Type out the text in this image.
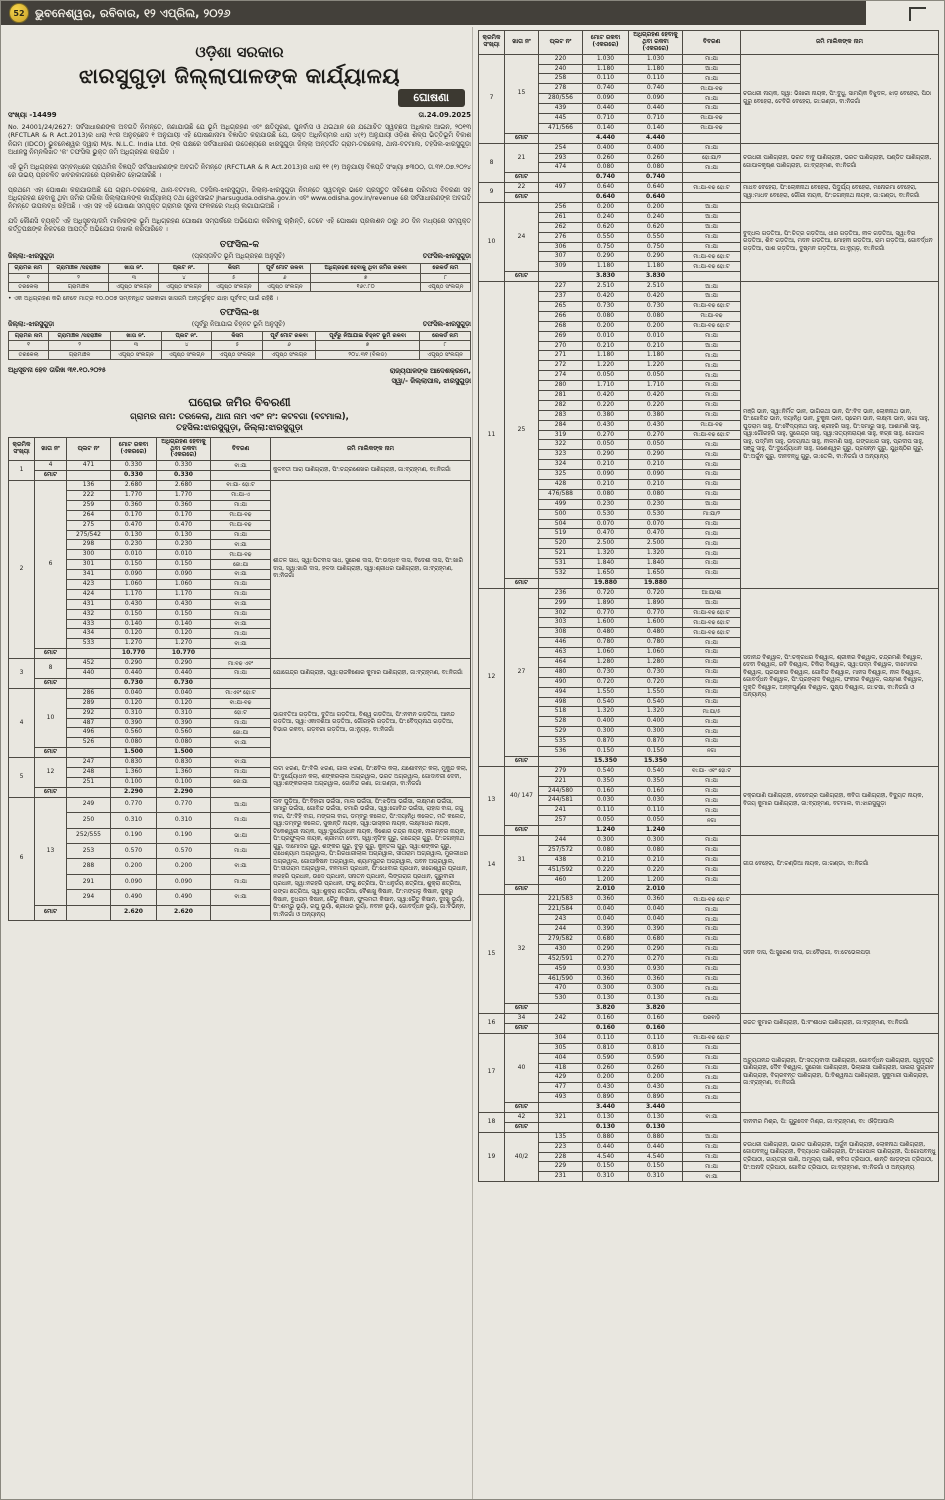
52 ଭୁବନେଶ୍ୱର, ରବିବାର, ୧୨ ଏପ୍ରିଲ, ୨୦୨୬
ଓଡ଼ିଶା ସରକାର
ଝାରସୁଗୁଡ଼ା ଜିଲ୍ଲାପାଳଙ୍କ କାର୍ଯ୍ୟାଳୟ
ଘୋଷଣା
ସଂଖ୍ୟା -14499	ତା.24.09.2025

No. 24001/24/2627: ସର୍ବସାଧାରଣଙ୍କ ଅବଗତି ନିମନ୍ତେ, ଜଣାଯାଉଛି ଯେ ଭୂମି ଅଧିଗ୍ରହଣ ଏବଂ କ୍ଷତିପୂରଣ, ପୁନର୍ବାସ ଓ ଥଇଥାନ ରେ ଯଥୋଚିତ ସ୍ୱଚ୍ଛତା ଅଧିକାର ଆଇନ, ୨୦୧୩ (RFCTLAR & R Act.2013)ର ଧାରା ୧୯ର ଅନୁଚ୍ଛେଦ ୧ ଅନୁଯାୟୀ ଏହି ଘୋଷଣାନାମା ବିଜ୍ଞାପିତ କରାଯାଉଛି ଯେ, ଉକ୍ତ ଅଧିନିୟମର ଧାରା ୪(୧) ଅନୁଯାୟୀ ଓଡ଼ିଶା ଶିଳ୍ପ ଭିତ୍ତିଭୂମି ବିକାଶ ନିଗମ (IDCO) ଭୁବନେଶ୍ୱର ଦ୍ୱାରା M/s. N.L.C. India Ltd. ଙ୍କ ପକ୍ଷରେ ସର୍ବସାଧାରଣ ଉଦ୍ଦେଶ୍ୟରେ ଝାରସୁଗୁଡ଼ା ଜିଲ୍ଲା ଅନ୍ତର୍ଗତ ଗ୍ରାମ-ତରକେଲା, ଥାନା-ବଟମାଲ, ତହସିଲ-ଝାରସୁଗୁଡ଼ା ଅଧୀନସ୍ଥ ନିମ୍ନଲିଖିତ 'କ' ତଫସିଲ ଭୁକ୍ତ ଜମି ଅଧିଗ୍ରହଣ କରାଯିବ ।

ଏହି ଭୂମି ଅଧିଗ୍ରହଣ ସମ୍ବନ୍ଧରେ ପ୍ରାଥମିକ ବିଜ୍ଞପ୍ତି ସର୍ବସାଧାରଣଙ୍କ ଅବଗତି ନିମନ୍ତେ (RFCTLAR & R Act.2013)ର ଧାରା ୧୧ (୧) ଅନୁଯାୟୀ ବିଜ୍ଞପ୍ତି ସଂଖ୍ୟା ୭୩୦୦, ତା.୩୧.୦୭.୨୦୨୪ ରେ ଉଭୟ ପ୍ରଚଳିତ ଖବରକାଗଜରେ ପ୍ରକାଶିତ ହୋଇସାରିଛି ।

ପ୍ରଥମେ ଏହା ଘୋଷଣା କରାଯାଉଅଛି ଯେ ଗ୍ରାମ-ତରକେଲା, ଥାନା-ବଟମାଲ, ତହସିଲ-ଝାରସୁଗୁଡ଼ା, ଜିଲ୍ଲା-ଝାରସୁଗୁଡ଼ା ନିମନ୍ତେ ସ୍ୱତନ୍ତ୍ର ଭାବେ ପ୍ରସ୍ତୁତ ସବିଶେଷ ପରିମାପ ବିବରଣୀ ସହ ଅଧିଗ୍ରହଣ ହେବାକୁ ଥିବା ଜମିର ତାଲିକା ଜିଲ୍ଲାପାଳଙ୍କ କାର୍ଯ୍ୟାଳୟ ତଥା ୱେବସାଇଟ jharsuguda.odisha.gov.in ଏବଂ www.odisha.gov.in/revenue ରେ ସର୍ବସାଧାରଣଙ୍କ ଅବଗତି ନିମନ୍ତେ ଉପଲବ୍ଧ ରହିଅଛି । ଏହା ସହ ଏହି ଘୋଷଣା ସମ୍ପୃକ୍ତ ଗ୍ରାମର ସୂଚନା ଫଳକରେ ମଧ୍ୟ ଲଗାଯାଇଅଛି ।

ଯଦି କୌଣସି ବ୍ୟକ୍ତି ଏହି ଅଧିସୂଚନା/ଜମି ମାଲିକଙ୍କ ଭୂମି ଅଧିଗ୍ରହଣ ଘୋଷଣା ସମ୍ପର୍କରେ ଅଭିଯୋଗ କରିବାକୁ ଚାହାଁନ୍ତି, ତେବେ ଏହି ଘୋଷଣା ପ୍ରକାଶନ ଠାରୁ ୬୦ ଦିନ ମଧ୍ୟରେ ସମ୍ପୃକ୍ତ କର୍ତ୍ତୃପକ୍ଷଙ୍କ ନିକଟରେ ଆପତ୍ତି ଅଭିଯୋଗ ଦାଖଲ କରିପାରିବେ ।

ତଫସିଲ-କ
ଜିଲ୍ଲା:-ଝାରସୁଗୁଡ଼ା	(ପ୍ରସ୍ତାବିତ ଭୂମି ଅଧିଗ୍ରହଣ ଅନୁସୂଚି)	ତଫସିଲ-ଝାରସୁଗୁଡ଼ା
ଗ୍ରାମର ନାମ	ଗ୍ରାମାଞ୍ଚଳ /ସହରାଞ୍ଚଳ	ଖାତା ନଂ.	ପ୍ଲଟ ନଂ.	କିସମ	ପୂର୍ବ ମୋଟ ରକବା	ଅଧିଗ୍ରହଣ ହେବାକୁ ଥିବା ଜମିର ରକବା	ରେକର୍ଡ ନାମ
୧	୨	୩	୪	୫	୬	୭	୮
ତରକେଲା	ଗ୍ରାମାଞ୍ଚଳ	ଏପୃଷ୍ଠ ସଂଲଗ୍ନ	ଏପୃଷ୍ଠ ସଂଲଗ୍ନ	ଏପୃଷ୍ଠ ସଂଲଗ୍ନ	ଏପୃଷ୍ଠ ସଂଲଗ୍ନ	୧୬୯.୮୦	ଏପୃଷ୍ଠ ସଂଲଗ୍ନ
• ଏକ ଅଧିଗ୍ରହଣ କରି ନେବେ ମାତ୍ର ୧୦.୦୦୭ ସମ୍ବନ୍ଧିତ ସରକାରୀ ଖାସଜମି ଅନ୍ତର୍ଭୁକ୍ତ ଯାହା ପୂର୍ବବତ୍ ପାଇଁ ରହିଛି ।
ତଫସିଲ-ଖ
ଜିଲ୍ଲା:-ଝାରସୁଗୁଡ଼ା	(ପୂର୍ବରୁ ନିଆଯାଇ ଚିହ୍ନଟ ଭୂମି ଅନୁସୂଚି)	ତଫସିଲ-ଝାରସୁଗୁଡ଼ା
ଗ୍ରାମର ନାମ	ଗ୍ରାମାଞ୍ଚଳ /ସହରାଞ୍ଚଳ	ଖାତା ନଂ.	ପ୍ଲଟ ନଂ.	କିସମ	ପୂର୍ବ ମୋଟ ରକବା	ପୂର୍ବରୁ ନିଆଯାଇ ଚିହ୍ନଟ ଭୂମି ରକବା	ରେକର୍ଡ ନାମ
୧	୨	୩	୪	୫	୬	୭	୮
ତରକେଲା	ଗ୍ରାମାଞ୍ଚଳ	ଏପୃଷ୍ଠ ସଂଲଗ୍ନ	ଏପୃଷ୍ଠ ସଂଲଗ୍ନ	ଏପୃଷ୍ଠ ସଂଲଗ୍ନ	ଏପୃଷ୍ଠ ସଂଲଗ୍ନ	୨୦୪.୩୧ (ବିଲଡ)	ଏପୃଷ୍ଠ ସଂଲଗ୍ନ
ଅଧିସୂଚନା ହେବ ତାରିଖ ୩୧.୧୦.୨୦୨୫	ରାଜ୍ୟପାଳଙ୍କ ଆଦେଶକ୍ରମେ,
ସ୍ୱା/- ଜିଲ୍ଲାପାଳ, ଝାରସୁଗୁଡ଼ା
ଘରୋଇ ଜମିର ବିବରଣୀ
ଗ୍ରାମର ନାମ: ତରକେଲା, ଥାନା ନାମ ଏବଂ ନଂ: କଟବଗା (ବଟମାଲ),
ତହସିଲ:ଝାରସୁଗୁଡ଼ା, ଜିଲ୍ଲା:ଝାରସୁଗୁଡ଼ା
କ୍ରମିକ ସଂଖ୍ୟା	ଖାତା ନଂ	ପ୍ଲଟ ନଂ	ମୋଟ ରକବା (ଏକରରେ)	ଅଧିଗ୍ରହଣ ହେବାକୁ ଥିବା ରକବା (ଏକରରେ)	ବିବରଣ	ଜମି ମାଲିକଙ୍କ ନାମ
1	4	471	0.330	0.330	ବା:ଯା	କୁଳବତୀ ଆରା ପାଣିଗ୍ରାହୀ, ପିଂ:ଚନ୍ଦ୍ରଶେଖର ପାଣିଗ୍ରାହୀ, ଜା:ବ୍ରାହ୍ମଣ, ବା:ନିଜଗାଁ
	ମୋଟ		0.330	0.330		
2	6	136	2.680	2.680	ବା:ଯା- ହୋ:ଟ	ଶୀତଳ ସାଧ, ସ୍ୱା:ପିତବାସ ସାଧ, ସୁରେଶ ଦାସ, ପିଂ:ଉଦ୍ଧବ ଦାସ, ବିଦେଶୀ ଦାସ, ପିଂ:ଖାରି ଦାସ, ସ୍ୱା:ଖାରି ଦାସ, ହଳଦା ପାଣିଗ୍ରାହୀ, ସ୍ୱା:ଶ୍ରୀଧର ପାଣିଗ୍ରାହୀ, ଜା:ବ୍ରାହ୍ମଣ, ବା:ନିଜଗାଁ
		222	1.770	1.770	ମା:ଯା-ଏ	
		259	0.360	0.360	ମା:ଯା	
		264	0.170	0.170	ମା:ଯା-ବଢ	
		275	0.470	0.470	ମା:ଯା-ବଢ	
		275/542	0.130	0.130	ମା:ଯା	
		298	0.230	0.230	ବା:ଯା	
		300	0.010	0.010	ମା:ଯା-ବଢ	
		301	0.150	0.150	ଜୋ:ଯା	
		341	0.090	0.090	ବା:ଯା	
		423	1.060	1.060	ମା:ଯା	
		424	1.170	1.170	ମା:ଯା	
		431	0.430	0.430	ବା:ଯା	
		432	0.150	0.150	ମା:ଯା	
		433	0.140	0.140	ବା:ଯା	
		434	0.120	0.120	ମା:ଯା	
		533	1.270	1.270	ବା:ଯା	
	ମୋଟ		10.770	10.770		
3	8	452	0.290	0.290	ମା:ବଢ ଏବଂ	ଯୋଗେନ୍ଦ୍ର ପାଣିଗ୍ରାହୀ, ସ୍ୱା:ରାଜକିଶୋର କୁମାର ପାଣିଗ୍ରାହୀ, ଜା:ବ୍ରାହ୍ମଣ, ବା:ନିଜଗାଁ
		440	0.440	0.440	ମା:ଯା	
	ମୋଟ		0.730	0.730		
4	10	286	0.040	0.040	ମା:ଏବଂ ହୋ:ଟ	ଭାଗବତିଆ ଗଡ଼ତିଆ, ଦୁତିଆ ଗଡ଼ତିଆ, ବିଶ୍ୱ ଗଡ଼ତିଆ, ପିଂ:ନବୀନ ଗଡ଼ତିଆ, ଆନନ୍ଦ ଗଡ଼ତିଆ, ସ୍ୱା:ଏକାଦଶିଆ ଗଡ଼ତିଆ, ଗୌରହରି ଗଡ଼ତିଆ, ପିଂ:ବୈଦ୍ୟନାଥ ଗଡ଼ତିଆ, ବିଭାର ରକବା, ଗଡ଼ବରୀ ଗଡ଼ତିଆ, ଜା:ନ୍ୟୁଢ଼, ବା:ନିଜଗାଁ
		289	0.120	0.120	ବା:ଯା-ବଢ	
		292	0.310	0.310	ହୋ:ଟ	
		487	0.390	0.390	ମା:ଯା	
		496	0.560	0.560	ଜୋ:ଯା	
		526	0.080	0.080	ବା:ଯା	
	ମୋଟ		1.500	1.500		
5	12	247	0.830	0.830	ବା:ଯା	ଲଟା ଝରଣ, ପିଂ:ବିଲି ଝରଣ, ଗାଲ ଝରଣ, ପିଂ:ଛବିଲ କଲା, ଯଶୋବନ୍ତ କଲା, ମୁକୁନ୍ଦ କଲା, ପିଂ:ଦୁର୍ଯ୍ୟୋଧନ କଲା, ଶଙ୍କରଲାଲ ଅଗ୍ରୱାଲ, ଭରତ ଅଗ୍ରୱାଲ, ଗୋଦାବରୀ ଦେବୀ, ସ୍ୱା:ଶଙ୍କରଲାଲ ଅଗ୍ରୱାଲ, ଗୋବିନ୍ଦ ରଣା, ଜା:ଗଣ୍ଡା, ବା:ନିଜଗାଁ
		248	1.360	1.360	ମା:ଯା	
		251	0.100	0.100	ରେ:ଯା	
	ମୋଟ		2.290	2.290		
6	13	249	0.770	0.770	ଆ:ଯା	ଲବ ଘୁଡ଼ିଆ, ପିଂ:ବିହାରୀ ଭଇଁସା, ମାଲ ଭଇଁସା, ପିଂ:ଝଡ଼ିଆ ଭଇଁସା, ଲକ୍ଷ୍ମଣ ଭଇଁସା, ସମାରୁ ଭଇଁସା, ଗୋବିନ୍ଦ ଭଇଁସା, ଚମାରି ଭଇଁସା, ସ୍ୱା:ଗୋବିନ୍ଦ ଭଇଁସା, ରାହାସ ବାଗ, ଜଗୁ ବାଗ, ପିଂ:ବିହି ବାଗ, ମଙ୍ଗଳା ବାଗ, ଡମ୍ବରୁ କଲେତ, ପିଂ:ଦୟାନିଧି କଲେତ, ମତି କଲେତ, ସ୍ୱା:ଡମ୍ବରୁ କଲେତ, ସୁକାନ୍ତି ନାୟକ, ସ୍ୱା:ଭାସ୍କର ନାୟକ, ଲକ୍ଷ୍ମୀଧର ନାୟକ, ଟିକେଶ୍ୱରୀ ନାୟକ, ସ୍ୱା:ଦୁର୍ଯ୍ୟୋଧନ ନାୟକ, କିଶୋର ଚନ୍ଦ୍ର ନାୟକ, ନୀଳାମ୍ବର ନାୟକ, ପିଂ:ପ୍ରଫୁଲ୍ଲ ନାୟକ, ଶ୍ରୀମତୀ ଦେବୀ, ସ୍ୱା:ନୃସିଂହ ଗୁରୁ, ଗଜେନ୍ଦ୍ର ଗୁରୁ, ପିଂ:ଜଗନ୍ନାଥ ଗୁରୁ, ଦାମୋଦର ଗୁରୁ, ଶଙ୍କର ଗୁରୁ, ବୁଲୁ ଗୁରୁ, କୁନ୍ତଳା ଗୁରୁ, ସ୍ୱା:ଶଙ୍କର ଗୁରୁ, ରାଧେଶ୍ୟାମ ଅଗ୍ରୱାଲ, ପିଂ:ଗିରଧାରୀଲାଲ ଅଗ୍ରୱାଲ, ସୀତାରାମ ଅଗ୍ରୱାଲ, ମୁରଲୀଧର ଅଗ୍ରୱାଲ, ଗୋପୀକିଷନ ଅଗ୍ରୱାଲ, ଶ୍ୟାମସୁନ୍ଦର ଅଗ୍ରୱାଲ, ପବନ ଅଗ୍ରୱାଲ, ପିଂ:ସୀତାରାମ ଅଗ୍ରୱାଲ, ବନମାଳୀ ପ୍ରଧାନ, ପିଂ:ଧୋବାଇ ପ୍ରଧାନ, ଖଗେଶ୍ୱର ପ୍ରଧାନ, ନରହରି ପ୍ରଧାନ, ଉଦେ ପ୍ରଧାନ, ସନାତନ ପ୍ରଧାନ, ଲିଙ୍ଗରାଜ ପ୍ରଧାନ, ଗୁରୁବାରୀ ପ୍ରଧାନ, ସ୍ୱା:ନରହରି ପ୍ରଧାନ, ଫଗୁ ଛତ୍ରିଆ, ପିଂ:ଧନୁର୍ଜୟ ଛତ୍ରିଆ, ଶୁକ୍ରା ଛତ୍ରିଆ, ଗଙ୍ଗା ଛତ୍ରିଆ, ସ୍ୱା:ଶୁକ୍ରା ଛତ୍ରିଆ, ବୈଶାଖୁ କିଷାନ, ପିଂ:ମଙ୍ଗଳୁ କିଷାନ, ସୁକ୍ରୁ କିଷାନ, ବୁଧରାମ କିଷାନ, ଚୈତୁ କିଷାନ, ଫୁଲମତୀ କିଷାନ, ସ୍ୱା:ଚୈତୁ କିଷାନ, ଦୁଃଖୁ ଭୂୟାଁ, ପିଂ:ଶମ୍ଭୁ ଭୂୟାଁ, ରଘୁ ଭୂୟାଁ, ଶ୍ରୀଧର ଭୂୟାଁ, ନବୀନ ଭୂୟାଁ, ଗୋବର୍ଦ୍ଧନ ଭୂୟାଁ, ଜା:ବିଭିନ୍ନ, ବା:ନିଜଗାଁ ଓ ଅନ୍ୟାନ୍ୟ
		250	0.310	0.310	ମା:ଯା	
		252/555	0.190	0.190	ଭା:ଯା	
		253	0.570	0.570	ମା:ଯା	
		288	0.200	0.200	ବା:ଯା	
		291	0.090	0.090	ମା:ଯା	
		294	0.490	0.490	ବା:ଯା	
	ମୋଟ		2.620	2.620		
କ୍ରମିକ ସଂଖ୍ୟା	ଖାତା ନଂ	ପ୍ଲଟ ନଂ	ମୋଟ ରକବା (ଏକରରେ)	ଅଧିଗ୍ରହଣ ହେବାକୁ ଥିବା ରକବା (ଏକରରେ)	ବିବରଣ	ଜମି ମାଲିକଙ୍କ ନାମ
7	15	220	1.030	1.030	ମା:ଯା	ଚଉଧରୀ ନାୟକ, ସ୍ୱା: ଭିଖାରୀ ନାୟକ, ପିଂ:ବୁଧୁ, ସାମୟିକ ବିଝୁଦଳ, ଝାଡ଼ ବେହେରା, ପିଠା ଗୁରୁ ବେହେରା, ଟେବିରି ବେହେରା, ଜା:ଗଣ୍ଡା, ବା:ନିଜଗାଁ
		240	1.180	1.180	ଆ:ଯା	
		258	0.110	0.110	ମା:ଯା	
		278	0.740	0.740	ମା:ଯା-ବଢ	
		280/556	0.090	0.090	ମା:ଯା	
		439	0.440	0.440	ମା:ଯା	
		445	0.710	0.710	ମା:ଯା-ବଢ	
		471/566	0.140	0.140	ମା:ଯା-ବଢ	
	ମୋଟ		4.440	4.440		
8	21	254	0.400	0.400	ମା:ଯା	ଚଉଧରୀ ପାଣିଗ୍ରାହୀ, ଭରତ ବାବୁ ପାଣିଗ୍ରାହୀ, ଭରତ ପାଣିଗ୍ରାହୀ, ପଣ୍ଡିତ ପାଣିଗ୍ରାହୀ, ଗୋପାଳକୃଷ୍ଣ ପାଣିଗ୍ରାହୀ, ଜା:ବ୍ରାହ୍ମଣ, ବା:ନିଜଗାଁ
		293	0.260	0.260	ହୋ:ଯା/୨	
		474	0.080	0.080	ମା:ଯା	
	ମୋଟ		0.740	0.740		
9	22	497	0.640	0.640	ମା:ଯା-ବଢ ହୋ:ଟ	ମାଧବ ବେହେରା, ପିଂ:ଲୋକନାଥ ବେହେରା, ପିଦୁର୍ଯ୍ୟ ବେହେରା, ମନୋରମା ବେହେରା, ସ୍ୱା:ମାଧବ ବେହେରା, ଗୌରୀ ନାୟକ, ପିଂ:ଜଗନ୍ନାଥ ନାୟକ, ଜା:ଗଣ୍ଡା, ବା:ନିଜଗାଁ
	ମୋଟ		0.640	0.640		
10	24	256	0.200	0.200	ଆ:ଯା	ବୁଦ୍ଧଲ ଗଡ଼ତିଆ, ପିଂ:ଚିତ୍ର ଗଡ଼ତିଆ, ଧୀର ଗଡ଼ତିଆ, ନୀଳ ଗଡ଼ତିଆ, ସ୍ୱା:ବିର ଗଡ଼ତିଆ, ଶିବ ଗଡ଼ତିଆ, ମଦନ ଗଡ଼ତିଆ, ମୋହନୀ ଗଡ଼ତିଆ, ରାମ ଗଡ଼ତିଆ, ଗୋବର୍ଦ୍ଧନ ଗଡ଼ତିଆ, ପାଶ ଗଡ଼ତିଆ, ଦୁଷ୍ମନ ଗଡ଼ତିଆ, ଜା:ନ୍ୟୁଢ଼, ବା:ନିଜଗାଁ
		261	0.240	0.240	ଆ:ଯା	
		262	0.620	0.620	ଆ:ଯା	
		276	0.550	0.550	ମା:ଯା	
		306	0.750	0.750	ମା:ଯା	
		307	0.290	0.290	ମା:ଯା-ବଢ ହୋ:ଟ	
		309	1.180	1.180	ମା:ଯା-ବଢ ହୋ:ଟ	
	ମୋଟ		3.830	3.830		
11	25	227	2.510	2.510	ଆ:ଯା	ମଞ୍ଜି ଭାନ, ସ୍ୱା:ନିର୍ମିତ ଭାନ, ଭାଗିରଥୀ ଭାନ, ପିଂ:ବିଦ ଭାନ, ଲୋକନାଥ ଭାନ, ପିଂ:ଗୋବିନ୍ଦ ଭାନ, ଦୟାନିଧି ଭାନ, ଟୁକୁନା ଭାନ, ପ୍ରେମ ଭାନ, ଲକ୍ଷ୍ମୀ ଭାନ, ଖଗା ସାହୁ, ଘୁଡ଼ରାମ ସାହୁ, ପିଂ:ବୈଦ୍ୟନାଥ ସାହୁ, ଶ୍ରୀହରି ସାହୁ, ପିଂ:ସମାରୁ ସାହୁ, ଆଶାମଣି ସାହୁ, ସ୍ୱା:ଗୌରହରି ସାହୁ, ସୁରେନ୍ଦ୍ର ସାହୁ, ସ୍ୱା:ସତ୍ୟନାରାୟଣ ସାହୁ, କଚ୍ଛ ସାହୁ, ଗୋପାଳ ସାହୁ, ପଦ୍ମିନୀ ସାହୁ, ଉଦୟନାଥ ସାହୁ, ନୀଳମଣି ସାହୁ, ଗଙ୍ଗାଧର ସାହୁ, ପ୍ରଦୀପ ସାହୁ, ସଞ୍ଜୁ ସାହୁ, ପିଂ:ଦୁର୍ଯ୍ୟୋଧନ ସାହୁ, ଗଣେଶ୍ୱର ଗୁରୁ, ପ୍ରସନ୍ନ ଗୁରୁ, ଯୁଧିଷ୍ଠିର ଗୁରୁ, ପିଂ:ଅର୍ଜୁନ ଗୁରୁ, ଦୀନବନ୍ଧୁ ଗୁରୁ, ଜା:ତେଲି, ବା:ନିଜଗାଁ ଓ ଅନ୍ୟାନ୍ୟ
		237	0.420	0.420	ଆ:ଯା	
		265	0.730	0.730	ମା:ଯା-ବଢ ହୋ:ଟ	
		266	0.080	0.080	ମା:ଯା-ବଢ	
		268	0.200	0.200	ମା:ଯା-ବଢ ହୋ:ଟ	
		269	0.010	0.010	ମା:ଯା	
		270	0.210	0.210	ଆ:ଯା	
		271	1.180	1.180	ମା:ଯା	
		272	1.220	1.220	ମା:ଯା	
		274	0.050	0.050	ମା:ଯା	
		280	1.710	1.710	ମା:ଯା	
		281	0.420	0.420	ମା:ଯା	
		282	0.220	0.220	ମା:ଯା	
		283	0.380	0.380	ମା:ଯା	
		284	0.430	0.430	ମା:ଯା-ବଢ	
		319	0.270	0.270	ମା:ଯା-ବଢ ହୋ:ଟ	
		322	0.050	0.050	ମା:ଯା	
		323	0.290	0.290	ମା:ଯା	
		324	0.210	0.210	ମା:ଯା	
		325	0.090	0.090	ମା:ଯା	
		428	0.210	0.210	ମା:ଯା	
		476/588	0.080	0.080	ମା:ଯା	
		499	0.230	0.230	ଆ:ଯା	
		500	0.530	0.530	ମା:ଯା/୨	
		504	0.070	0.070	ମା:ଯା	
		519	0.470	0.470	ମା:ଯା	
		520	2.500	2.500	ମା:ଯା	
		521	1.320	1.320	ମା:ଯା	
		531	1.840	1.840	ମା:ଯା	
		532	1.650	1.650	ମା:ଯା	
	ମୋଟ		19.880	19.880		
12	27	236	0.720	0.720	ଆ:ଯା/ଶା	ସଦାନନ୍ଦ ବିଶ୍ୱାଳ, ପିଂ:ଚକ୍ରଧର ବିଶ୍ୱାଳ, ଶ୍ରୀକର ବିଶ୍ୱାଳ, ଚନ୍ଦ୍ରମଣି ବିଶ୍ୱାଳ, ଦେବୀ ବିଶ୍ୱାଳ, ରବି ବିଶ୍ୱାଳ, ଟିକିରା ବିଶ୍ୱାଳ, ସ୍ୱା:ପଦ୍ମ ବିଶ୍ୱାଳ, ଦାମୋଦର ବିଶ୍ୱାଳ, ପ୍ରଭାକର ବିଶ୍ୱାଳ, ଗୋବିନ୍ଦ ବିଶ୍ୱାଳ, ମାନସ ବିଶ୍ୱାଳ, ନୀଳ ବିଶ୍ୱାଳ, ଗୋବର୍ଦ୍ଧନ ବିଶ୍ୱାଳ, ପିଂ:ପ୍ରହ୍ଲାଦ ବିଶ୍ୱାଳ, ଫକୀର ବିଶ୍ୱାଳ, ଲକ୍ଷ୍ମଣ ବିଶ୍ୱାଳ, ମୁକ୍ତି ବିଶ୍ୱାଳ, ଅନ୍ନପୂର୍ଣ୍ଣା ବିଶ୍ୱାଳ, ପୁଷ୍ପ ବିଶ୍ୱାଳ, ଜା:ଚଷା, ବା:ନିଜଗାଁ ଓ ଅନ୍ୟାନ୍ୟ
		299	1.890	1.890	ଆ:ଯା	
		302	0.770	0.770	ମା:ଯା-ବଢ ହୋ:ଟ	
		303	1.600	1.600	ମା:ଯା-ବଢ ହୋ:ଟ	
		308	0.480	0.480	ମା:ଯା-ବଢ ହୋ:ଟ	
		446	0.780	0.780	ମା:ଯା	
		463	1.060	1.060	ମା:ଯା	
		464	1.280	1.280	ମା:ଯା	
		480	0.730	0.730	ମା:ଯା	
		490	0.720	0.720	ମା:ଯା	
		494	1.550	1.550	ମା:ଯା	
		498	0.540	0.540	ମା:ଯା	
		518	1.320	1.320	ମା:ଯା/୫	
		528	0.400	0.400	ମା:ଯା	
		529	0.300	0.300	ମା:ଯା	
		535	0.870	0.870	ମା:ଯା	
		536	0.150	0.150	ନଗା	
	ମୋଟ		15.350	15.350		
13	40/ 147	279	0.540	0.540	ବା:ଯା- ଏବଂ ହୋ:ଟ	ଚକ୍ରପାଣି ପାଣିଗ୍ରାହୀ, ଦେବେନ୍ଦ୍ର ପାଣିଗ୍ରାହୀ, କବିତା ପାଣିଗ୍ରାହୀ, ବିଦ୍ୟୁତ ନାୟକ, ବିଜୟ କୁମାର ପାଣିଗ୍ରାହୀ, ଜା:ବ୍ରାହ୍ମଣ, ବଟମାଲ, ବା:ଝାରସୁଗୁଡ଼ା
		221	0.350	0.350	ମା:ଯା	
		244/580	0.160	0.160	ମା:ଯା	
		244/581	0.030	0.030	ମା:ଯା	
		241	0.110	0.110	ମା:ଯା	
		257	0.050	0.050	ନଗା	
	ମୋଟ		1.240	1.240		
14	31	244	0.300	0.300	ମା:ଯା	ଗୀତା ବେହେରା, ପିଂ:ଚଣ୍ଡିଆ ନାୟକ, ଜା:ଗଣ୍ଡା, ବା:ନିଜଗାଁ
		257/572	0.080	0.080	ମା:ଯା	
		438	0.210	0.210	ମା:ଯା	
		451/592	0.220	0.220	ମା:ଯା	
		460	1.200	1.200	ମା:ଯା	
	ମୋଟ		2.010	2.010		
15	32	221/583	0.360	0.360	ମା:ଯା-ବଢ ହୋ:ଟ	ସଦନ ଦାସ, ପି:ସୁରେଶ ଦାସ, ଜା:ବୈରାଗୀ, ବା:ଟେଭେଲପଡ଼ା
		221/584	0.040	0.040	ମା:ଯା	
		243	0.040	0.040	ମା:ଯା	
		244	0.390	0.390	ମା:ଯା	
		279/582	0.680	0.680	ମା:ଯା	
		430	0.290	0.290	ମା:ଯା	
		452/591	0.270	0.270	ମା:ଯା	
		459	0.930	0.930	ମା:ଯା	
		461/590	0.360	0.360	ମା:ଯା	
		470	0.300	0.300	ମା:ଯା	
		530	0.130	0.130	ମା:ଯା	
	ମୋଟ		3.820	3.820		
16	34	242	0.160	0.160	ଘରବାଡ଼ି	ରଜତ କୁମାର ପାଣିଗ୍ରାହୀ, ପି:ବଂଶୀଧର ପାଣିଗ୍ରାହୀ, ଜା:ବ୍ରାହ୍ମଣ, ବା:ନିଜଗାଁ
	ମୋଟ		0.160	0.160		
17	40	304	0.110	0.110	ମା:ଯା-ବଢ ହୋ:ଟ	ଅଚ୍ୟୁତାନନ୍ଦ ପାଣିଗ୍ରାହୀ, ପିଂ:ସତ୍ୟବାଦୀ ପାଣିଗ୍ରାହୀ, ଗୋବର୍ଦ୍ଧନ ପାଣିଗ୍ରାହୀ, ସ୍ୱଦୃପ୍ତି ପାଣିଗ୍ରାହୀ, ଦୈବ ବିଶ୍ୱାଳ, ସୁରେଖା ପାଣିଗ୍ରାହୀ, ଭିଲାଇସା ପାଣିଗ୍ରାହୀ, ସାଇରା ସୁଗ୍ରୀବ ପାଣିଗ୍ରାହୀ, ବିଚାରବନ୍ତ ପାଣିଗ୍ରାହୀ, ପି:ବିଶ୍ୱନାଥ ପାଣିଗ୍ରାହୀ, ସୁକୁମାରୀ ପାଣିଗ୍ରାହୀ, ଜା:ବ୍ରାହ୍ମଣ, ବା:ନିଜଗାଁ
		305	0.810	0.810	ମା:ଯା	
		404	0.590	0.590	ମା:ଯା	
		418	0.260	0.260	ମା:ଯା	
		429	0.200	0.200	ମା:ଯା	
		477	0.430	0.430	ମା:ଯା	
		493	0.890	0.890	ମା:ଯା	
	ମୋଟ		3.440	3.440		
18	42	321	0.130	0.130	ବା:ଯା	ଦାନବୀର ମିଶ୍ର, ପି: ଗୁରୁଦେବ ମିଶ୍ର, ଜା:ବ୍ରାହ୍ମଣ, ବା: ଔଡ଼ିଆପାଲି
	ମୋଟ		0.130	0.130		
19	40/2	135	0.880	0.880	ଆ:ଯା	ଚଉଧରୀ ପାଣିଗ୍ରାହୀ, ଭାରତ ପାଣିଗ୍ରାହୀ, ଅର୍ଜୁନ ପାଣିଗ୍ରାହୀ, ଲୋକନାଥ ପାଣିଗ୍ରାହୀ, ଗୋପବନ୍ଧୁ ପାଣିଗ୍ରାହୀ, ବିଦ୍ୟାଧର ପାଣିଗ୍ରାହୀ, ପିଂ:ଗୋପାଳ ପାଣିଗ୍ରାହୀ, ପି:ଗୋପବନ୍ଧୁ ତ୍ରିପାଠୀ, ଗାୟତ୍ରୀ ପାଣି, ଅମୂଲ୍ୟ ପାଣି, କବିତା ତ୍ରିପାଠୀ, ଶାନ୍ତି ଷାଡ଼ଙ୍ଗୀ ତ୍ରିପାଠୀ, ପିଂ:ଅନାଦି ତ୍ରିପାଠୀ, ଗୋବିନ୍ଦ ତ୍ରିପାଠୀ, ଜା:ବ୍ରାହ୍ମଣ, ବା:ନିଜଗାଁ ଓ ଅନ୍ୟାନ୍ୟ
		223	0.440	0.440	ମା:ଯା	
		228	4.540	4.540	ମା:ଯା	
		229	0.150	0.150	ମା:ଯା	
		231	0.310	0.310	ବା:ଯା	
